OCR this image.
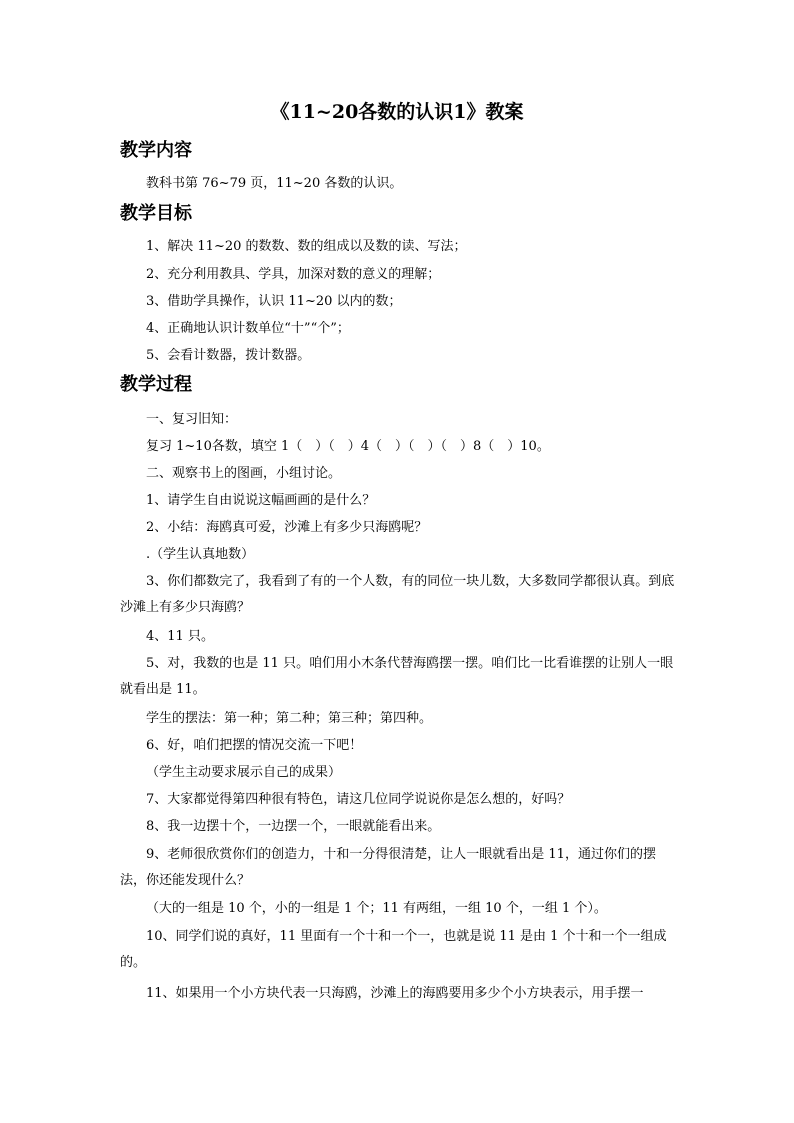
《11~20各数的认识1》教案
教学内容
教科书第 76~79 页，11~20 各数的认识。
教学目标
1、解决 11~20 的数数、数的组成以及数的读、写法；
2、充分利用教具、学具，加深对数的意义的理解；
3、借助学具操作，认识 11~20 以内的数；
4、正确地认识计数单位“十”“个”；
5、会看计数器，拨计数器。
教学过程
一、复习旧知：
复习 1~10各数，填空 1（　）（　）4（　）（　）（　）8（　）10。
二、观察书上的图画，小组讨论。
1、请学生自由说说这幅画画的是什么？
2、小结：海鸥真可爱，沙滩上有多少只海鸥呢？
.（学生认真地数）
3、你们都数完了，我看到了有的一个人数，有的同位一块儿数，大多数同学都很认真。到底沙滩上有多少只海鸥？
4、11 只。
5、对，我数的也是 11 只。咱们用小木条代替海鸥摆一摆。咱们比一比看谁摆的让别人一眼就看出是 11。
学生的摆法：第一种；第二种；第三种；第四种。
6、好，咱们把摆的情况交流一下吧！
（学生主动要求展示自己的成果）
7、大家都觉得第四种很有特色，请这几位同学说说你是怎么想的，好吗？
8、我一边摆十个，一边摆一个，一眼就能看出来。
9、老师很欣赏你们的创造力，十和一分得很清楚，让人一眼就看出是 11，通过你们的摆法，你还能发现什么？
（大的一组是 10 个，小的一组是 1 个；11 有两组，一组 10 个，一组 1 个）。
10、同学们说的真好，11 里面有一个十和一个一，也就是说 11 是由 1 个十和一个一组成的。
11、如果用一个小方块代表一只海鸥，沙滩上的海鸥要用多少个小方块表示，用手摆一
